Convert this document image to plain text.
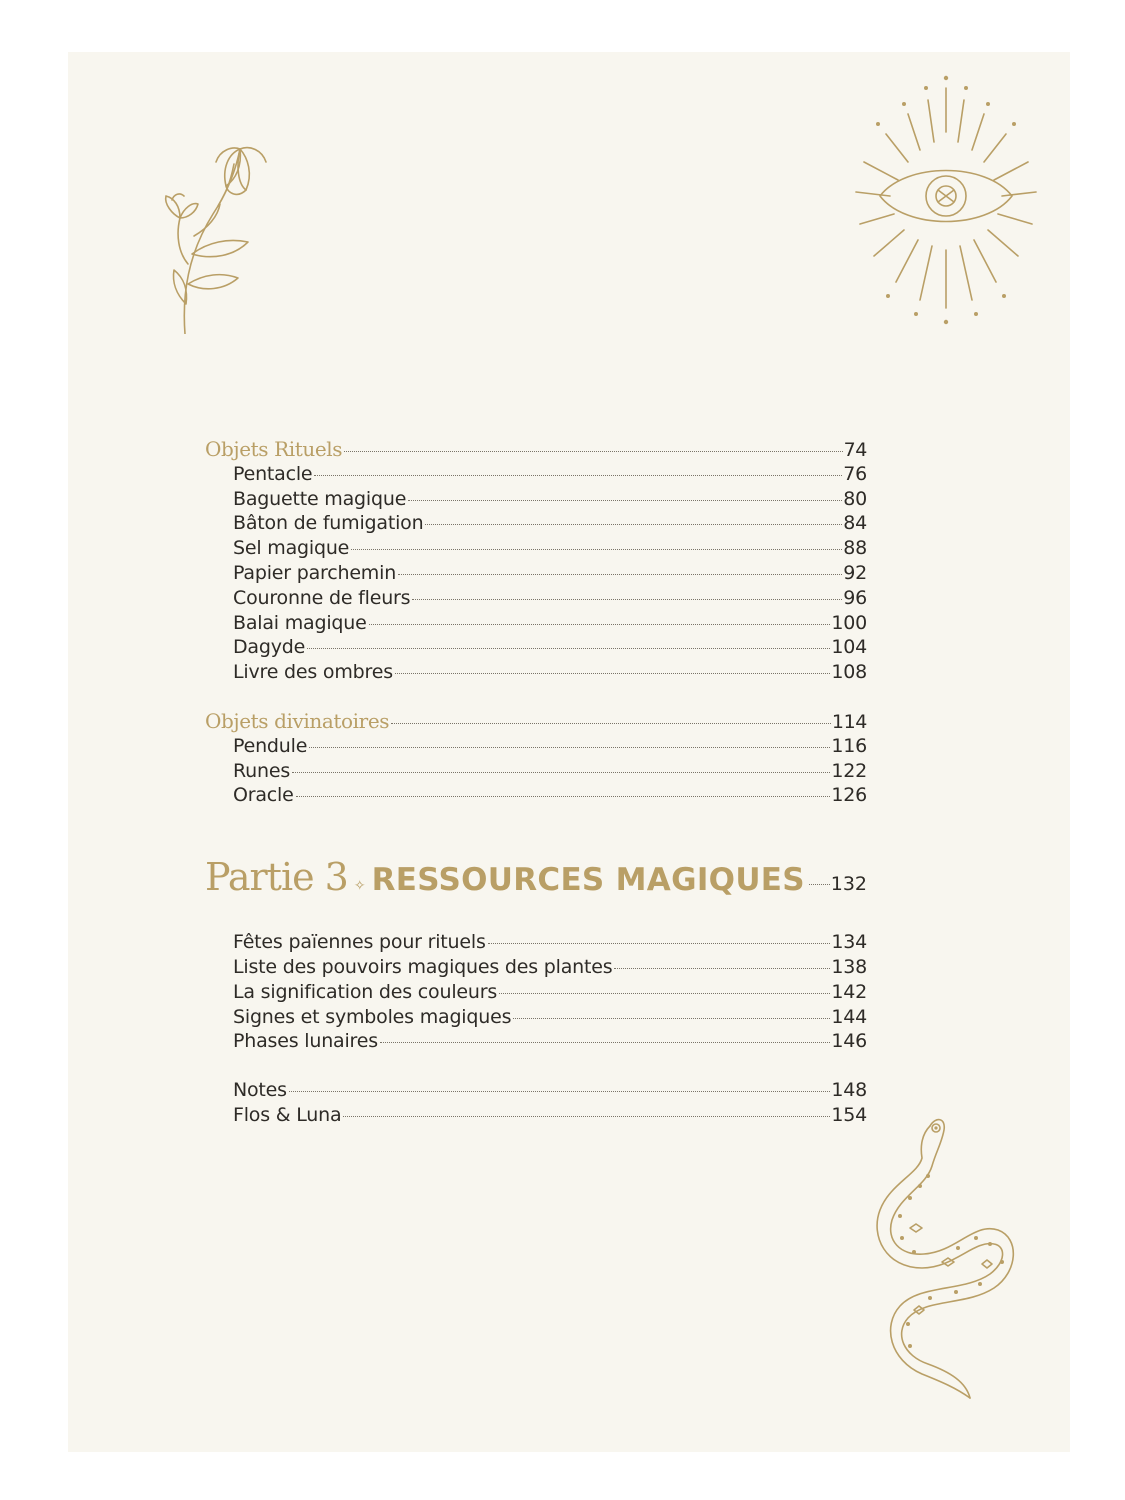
Objets Rituels	74
Pentacle	76
Baguette magique	80
Bâton de fumigation	84
Sel magique	88
Papier parchemin	92
Couronne de fleurs	96
Balai magique	100
Dagyde	104
Livre des ombres	108
Objets divinatoires	114
Pendule	116
Runes	122
Oracle	126
Partie 3 ✧ RESSOURCES MAGIQUES 132
Fêtes païennes pour rituels	134
Liste des pouvoirs magiques des plantes	138
La signification des couleurs	142
Signes et symboles magiques	144
Phases lunaires	146
Notes	148
Flos & Luna	154
